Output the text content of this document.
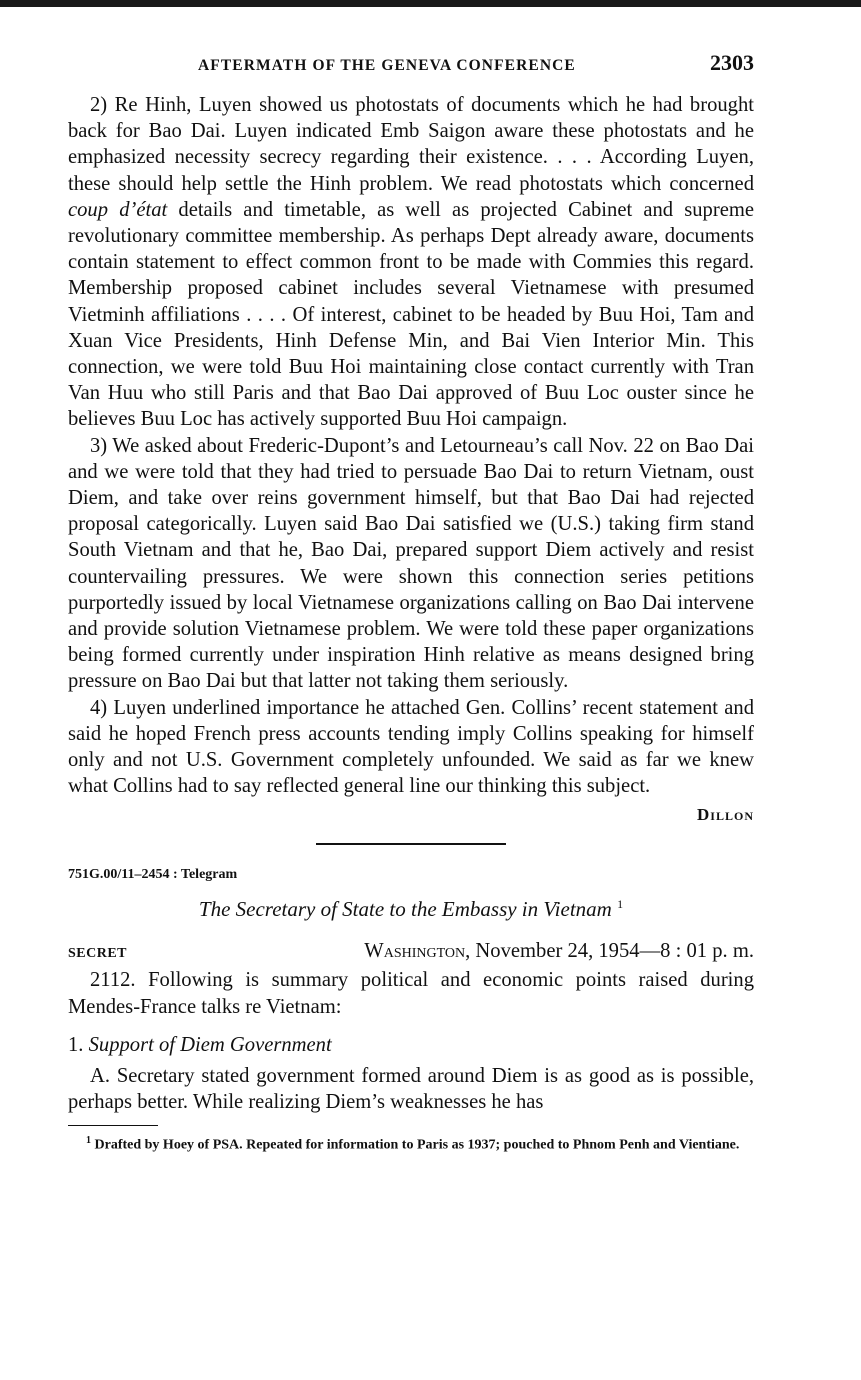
AFTERMATH OF THE GENEVA CONFERENCE	2303

2) Re Hinh, Luyen showed us photostats of documents which he had brought back for Bao Dai. Luyen indicated Emb Saigon aware these photostats and he emphasized necessity secrecy regarding their existence. . . . According Luyen, these should help settle the Hinh problem. We read photostats which concerned coup d’état details and timetable, as well as projected Cabinet and supreme revolutionary committee membership. As perhaps Dept already aware, documents contain statement to effect common front to be made with Commies this regard. Membership proposed cabinet includes several Vietnamese with presumed Vietminh affiliations . . . . Of interest, cabinet to be headed by Buu Hoi, Tam and Xuan Vice Presidents, Hinh Defense Min, and Bai Vien Interior Min. This connection, we were told Buu Hoi maintaining close contact currently with Tran Van Huu who still Paris and that Bao Dai approved of Buu Loc ouster since he believes Buu Loc has actively supported Buu Hoi campaign.

3) We asked about Frederic-Dupont’s and Letourneau’s call Nov. 22 on Bao Dai and we were told that they had tried to persuade Bao Dai to return Vietnam, oust Diem, and take over reins government himself, but that Bao Dai had rejected proposal categorically. Luyen said Bao Dai satisfied we (U.S.) taking firm stand South Vietnam and that he, Bao Dai, prepared support Diem actively and resist countervailing pressures. We were shown this connection series petitions purportedly issued by local Vietnamese organizations calling on Bao Dai intervene and provide solution Vietnamese problem. We were told these paper organizations being formed currently under inspiration Hinh relative as means designed bring pressure on Bao Dai but that latter not taking them seriously.

4) Luyen underlined importance he attached Gen. Collins’ recent statement and said he hoped French press accounts tending imply Collins speaking for himself only and not U.S. Government completely unfounded. We said as far we knew what Collins had to say reflected general line our thinking this subject.

Dillon
751G.00/11–2454 : Telegram
The Secretary of State to the Embassy in Vietnam $^1$
SECRET	Washington, November 24, 1954—8 : 01 p. m.

2112. Following is summary political and economic points raised during Mendes-France talks re Vietnam:

1. Support of Diem Government

A. Secretary stated government formed around Diem is as good as is possible, perhaps better. While realizing Diem’s weaknesses he has

$^1$ Drafted by Hoey of PSA. Repeated for information to Paris as 1937; pouched to Phnom Penh and Vientiane.
